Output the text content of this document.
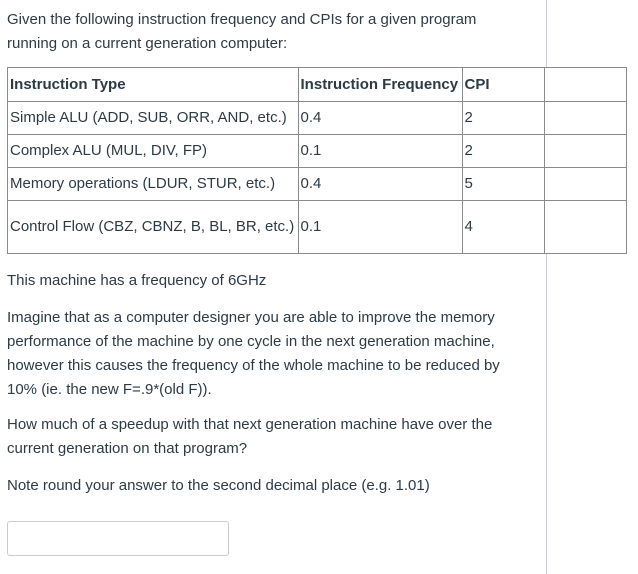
Given the following instruction frequency and CPIs for a given program running on a current generation computer:

Instruction Type	Instruction Frequency	CPI	
Simple ALU (ADD, SUB, ORR, AND, etc.)	0.4	2	
Complex ALU (MUL, DIV, FP)	0.1	2	
Memory operations (LDUR, STUR, etc.)	0.4	5	
Control Flow (CBZ, CBNZ, B, BL, BR, etc.)	0.1	4	

This machine has a frequency of 6GHz

Imagine that as a computer designer you are able to improve the memory performance of the machine by one cycle in the next generation machine, however this causes the frequency of the whole machine to be reduced by 10% (ie. the new F=.9*(old F)).

How much of a speedup with that next generation machine have over the current generation on that program?

Note round your answer to the second decimal place (e.g. 1.01)
